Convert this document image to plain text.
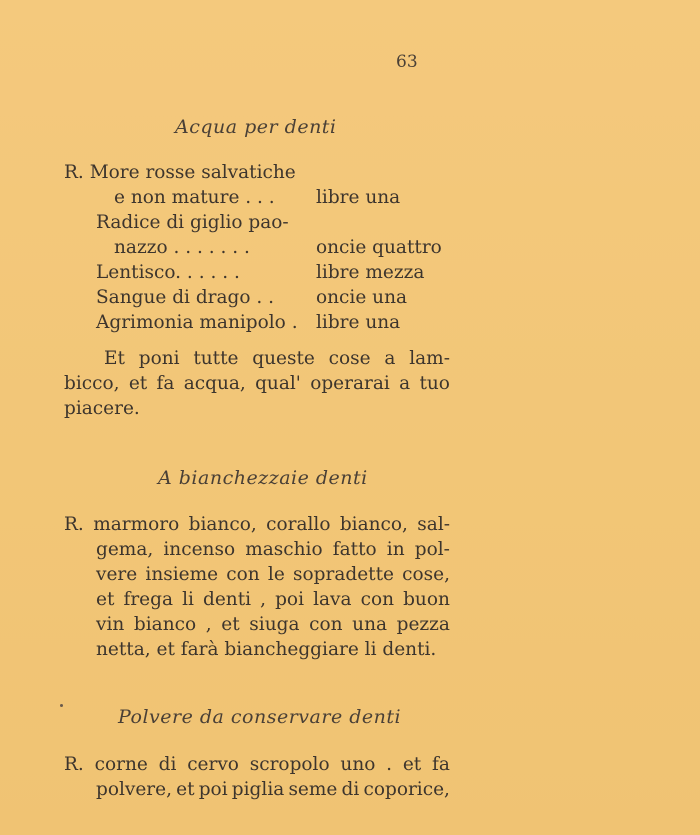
63
Acqua per denti
R. More rosse salvatiche
e non mature . . . libre una
Radice di giglio pao-
nazzo . . . . . . .	oncie quattro
Lentisco. . . . . .	libre mezza
Sangue di drago . . oncie una
Agrimonia manipolo . libre una
Et poni tutte queste cose a lam-
bicco, et fa acqua, qual' operarai a tuo
piacere.
A bianchezzaie denti
R. marmoro bianco, corallo bianco, sal-
gema, incenso maschio fatto in pol-
vere insieme con le sopradette cose,
et frega li denti , poi lava con buon
vin bianco , et siuga con una pezza
netta, et farà biancheggiare li denti.
Polvere da conservare denti
R. corne di cervo scropolo uno . et fa
polvere, et poi piglia seme di coporice,
